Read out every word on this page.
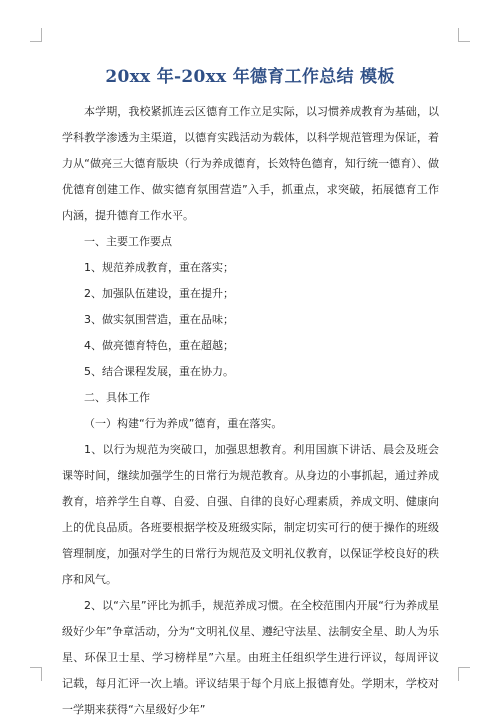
20xx 年-20xx 年德育工作总结 模板

本学期，我校紧抓连云区德育工作立足实际，以习惯养成教育为基础，以学科教学渗透为主渠道，以德育实践活动为载体，以科学规范管理为保证，着力从“做亮三大德育版块（行为养成德育，长效特色德育，知行统一德育）、做优德育创建工作、做实德育氛围营造”入手，抓重点，求突破，拓展德育工作内涵，提升德育工作水平。

一、主要工作要点

1、规范养成教育，重在落实；

2、加强队伍建设，重在提升；

3、做实氛围营造，重在品味；

4、做亮德育特色，重在超越；

5、结合课程发展，重在协力。

二、具体工作

（一）构建“行为养成”德育，重在落实。

1、以行为规范为突破口，加强思想教育。利用国旗下讲话、晨会及班会课等时间，继续加强学生的日常行为规范教育。从身边的小事抓起，通过养成教育，培养学生自尊、自爱、自强、自律的良好心理素质，养成文明、健康向上的优良品质。各班要根据学校及班级实际，制定切实可行的便于操作的班级管理制度，加强对学生的日常行为规范及文明礼仪教育，以保证学校良好的秩序和风气。

2、以“六星”评比为抓手，规范养成习惯。在全校范围内开展“行为养成星级好少年”争章活动，分为“文明礼仪星、遵纪守法星、法制安全星、助人为乐星、环保卫士星、学习榜样星”六星。由班主任组织学生进行评议，每周评议记载，每月汇评一次上墙。评议结果于每个月底上报德育处。学期末，学校对一学期来获得“六星级好少年”
